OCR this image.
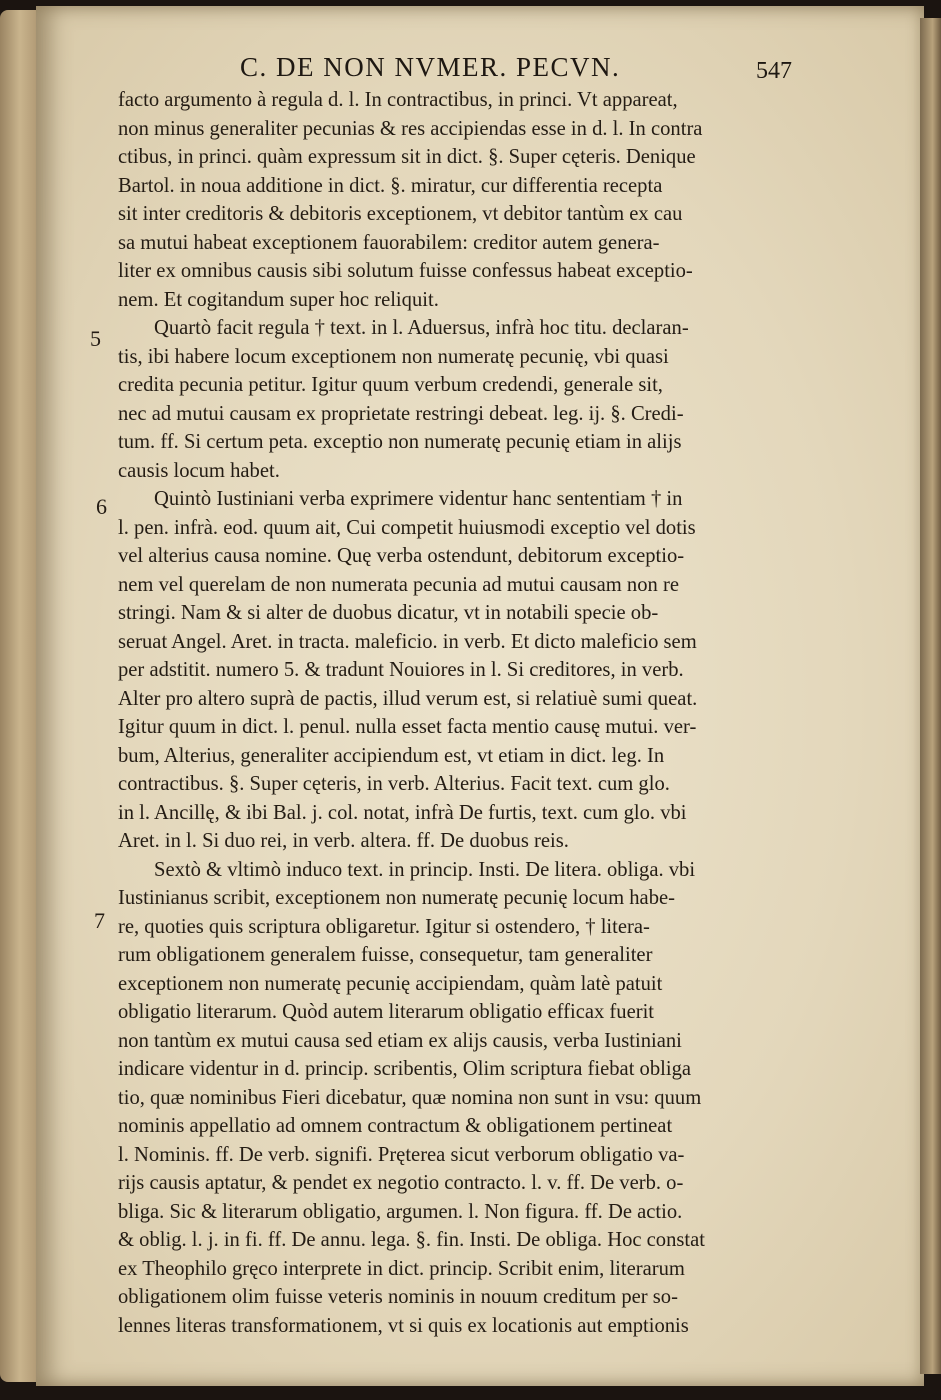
C. DE NON NVMER. PECVN.	547
5
6
7
facto argumento à regula d. l. In contractibus, in princi. Vt appareat,
non minus generaliter pecunias & res accipiendas esse in d. l. In contra
ctibus, in princi. quàm expressum sit in dict. §. Super cęteris. Denique
Bartol. in noua additione in dict. §. miratur, cur differentia recepta
sit inter creditoris & debitoris exceptionem, vt debitor tantùm ex cau
sa mutui habeat exceptionem fauorabilem: creditor autem genera-
liter ex omnibus causis sibi solutum fuisse confessus habeat exceptio-
nem. Et cogitandum super hoc reliquit.
Quartò facit regula † text. in l. Aduersus, infrà hoc titu. declaran-
tis, ibi habere locum exceptionem non numeratę pecunię, vbi quasi
credita pecunia petitur. Igitur quum verbum credendi, generale sit,
nec ad mutui causam ex proprietate restringi debeat. leg. ij. §. Credi-
tum. ff. Si certum peta. exceptio non numeratę pecunię etiam in alijs
causis locum habet.
Quintò Iustiniani verba exprimere videntur hanc sententiam † in
l. pen. infrà. eod. quum ait, Cui competit huiusmodi exceptio vel dotis
vel alterius causa nomine. Quę verba ostendunt, debitorum exceptio-
nem vel querelam de non numerata pecunia ad mutui causam non re
stringi. Nam & si alter de duobus dicatur, vt in notabili specie ob-
seruat Angel. Aret. in tracta. maleficio. in verb. Et dicto maleficio sem
per adstitit. numero 5. & tradunt Nouiores in l. Si creditores, in verb.
Alter pro altero suprà de pactis, illud verum est, si relatiuè sumi queat.
Igitur quum in dict. l. penul. nulla esset facta mentio causę mutui. ver-
bum, Alterius, generaliter accipiendum est, vt etiam in dict. leg. In
contractibus. §. Super cęteris, in verb. Alterius. Facit text. cum glo.
in l. Ancillę, & ibi Bal. j. col. notat, infrà De furtis, text. cum glo. vbi
Aret. in l. Si duo rei, in verb. altera. ff. De duobus reis.
Sextò & vltimò induco text. in princip. Insti. De litera. obliga. vbi
Iustinianus scribit, exceptionem non numeratę pecunię locum habe-
re, quoties quis scriptura obligaretur. Igitur si ostendero, † litera-
rum obligationem generalem fuisse, consequetur, tam generaliter
exceptionem non numeratę pecunię accipiendam, quàm latè patuit
obligatio literarum. Quòd autem literarum obligatio efficax fuerit
non tantùm ex mutui causa sed etiam ex alijs causis, verba Iustiniani
indicare videntur in d. princip. scribentis, Olim scriptura fiebat obliga
tio, quæ nominibus Fieri dicebatur, quæ nomina non sunt in vsu: quum
nominis appellatio ad omnem contractum & obligationem pertineat
l. Nominis. ff. De verb. signifi. Pręterea sicut verborum obligatio va-
rijs causis aptatur, & pendet ex negotio contracto. l. v. ff. De verb. o-
bliga. Sic & literarum obligatio, argumen. l. Non figura. ff. De actio.
& oblig. l. j. in fi. ff. De annu. lega. §. fin. Insti. De obliga. Hoc constat
ex Theophilo gręco interprete in dict. princip. Scribit enim, literarum
obligationem olim fuisse veteris nominis in nouum creditum per so-
lennes literas transformationem, vt si quis ex locationis aut emptionis
